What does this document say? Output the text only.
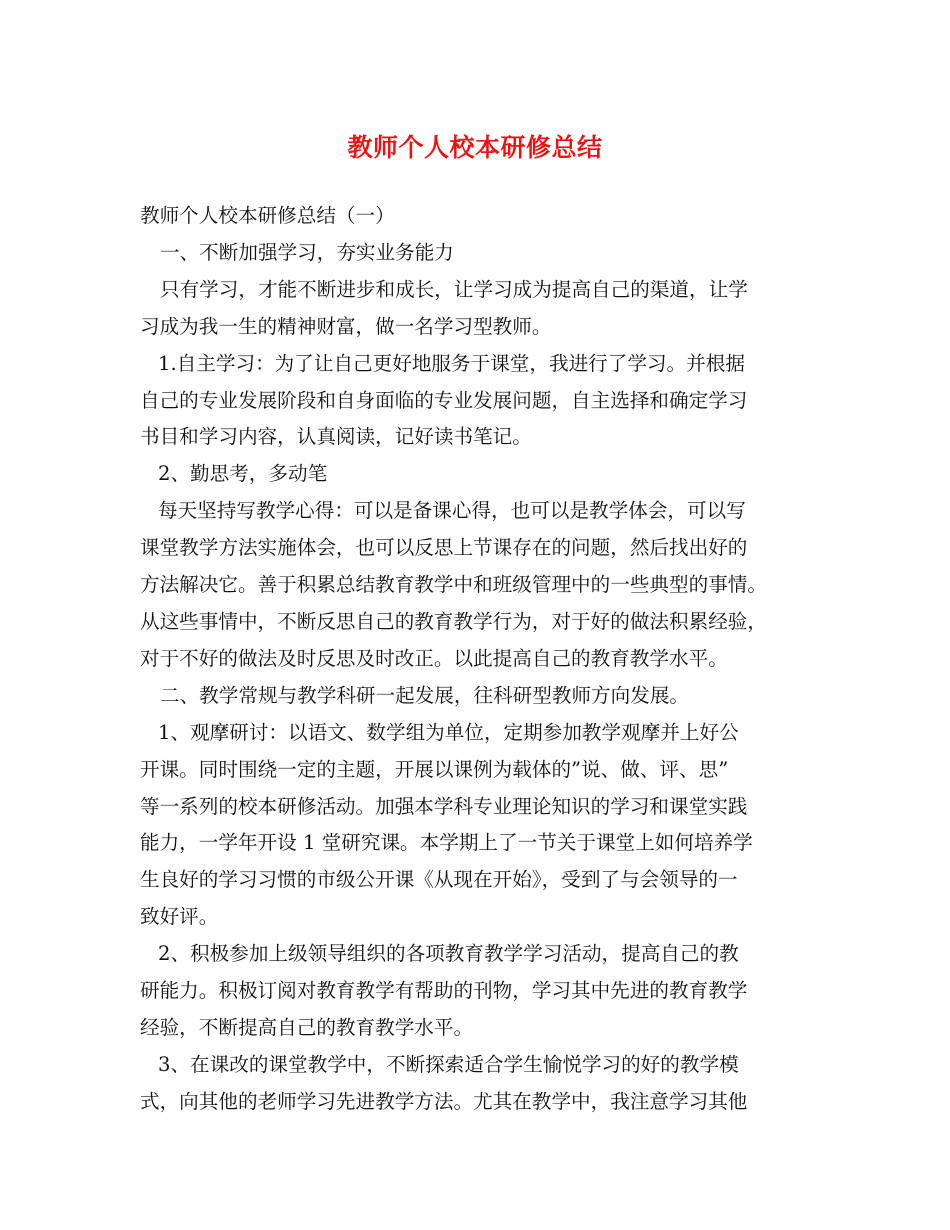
教师个人校本研修总结

教师个人校本研修总结（一）

一、不断加强学习，夯实业务能力

只有学习，才能不断进步和成长，让学习成为提高自己的渠道，让学

习成为我一生的精神财富，做一名学习型教师。

1.自主学习：为了让自己更好地服务于课堂，我进行了学习。并根据

自己的专业发展阶段和自身面临的专业发展问题，自主选择和确定学习

书目和学习内容，认真阅读，记好读书笔记。

2、勤思考，多动笔

每天坚持写教学心得：可以是备课心得，也可以是教学体会，可以写

课堂教学方法实施体会，也可以反思上节课存在的问题，然后找出好的

方法解决它。善于积累总结教育教学中和班级管理中的一些典型的事情。

从这些事情中，不断反思自己的教育教学行为，对于好的做法积累经验，

对于不好的做法及时反思及时改正。以此提高自己的教育教学水平。

二、教学常规与教学科研一起发展，往科研型教师方向发展。

1、观摩研讨：以语文、数学组为单位，定期参加教学观摩并上好公

开课。同时围绕一定的主题，开展以课例为载体的”说、做、评、思”

等一系列的校本研修活动。加强本学科专业理论知识的学习和课堂实践

能力，一学年开设 1 堂研究课。本学期上了一节关于课堂上如何培养学

生良好的学习习惯的市级公开课《从现在开始》，受到了与会领导的一

致好评。

2、积极参加上级领导组织的各项教育教学学习活动，提高自己的教

研能力。积极订阅对教育教学有帮助的刊物，学习其中先进的教育教学

经验，不断提高自己的教育教学水平。

3、在课改的课堂教学中，不断探索适合学生愉悦学习的好的教学模

式，向其他的老师学习先进教学方法。尤其在教学中，我注意学习其他
